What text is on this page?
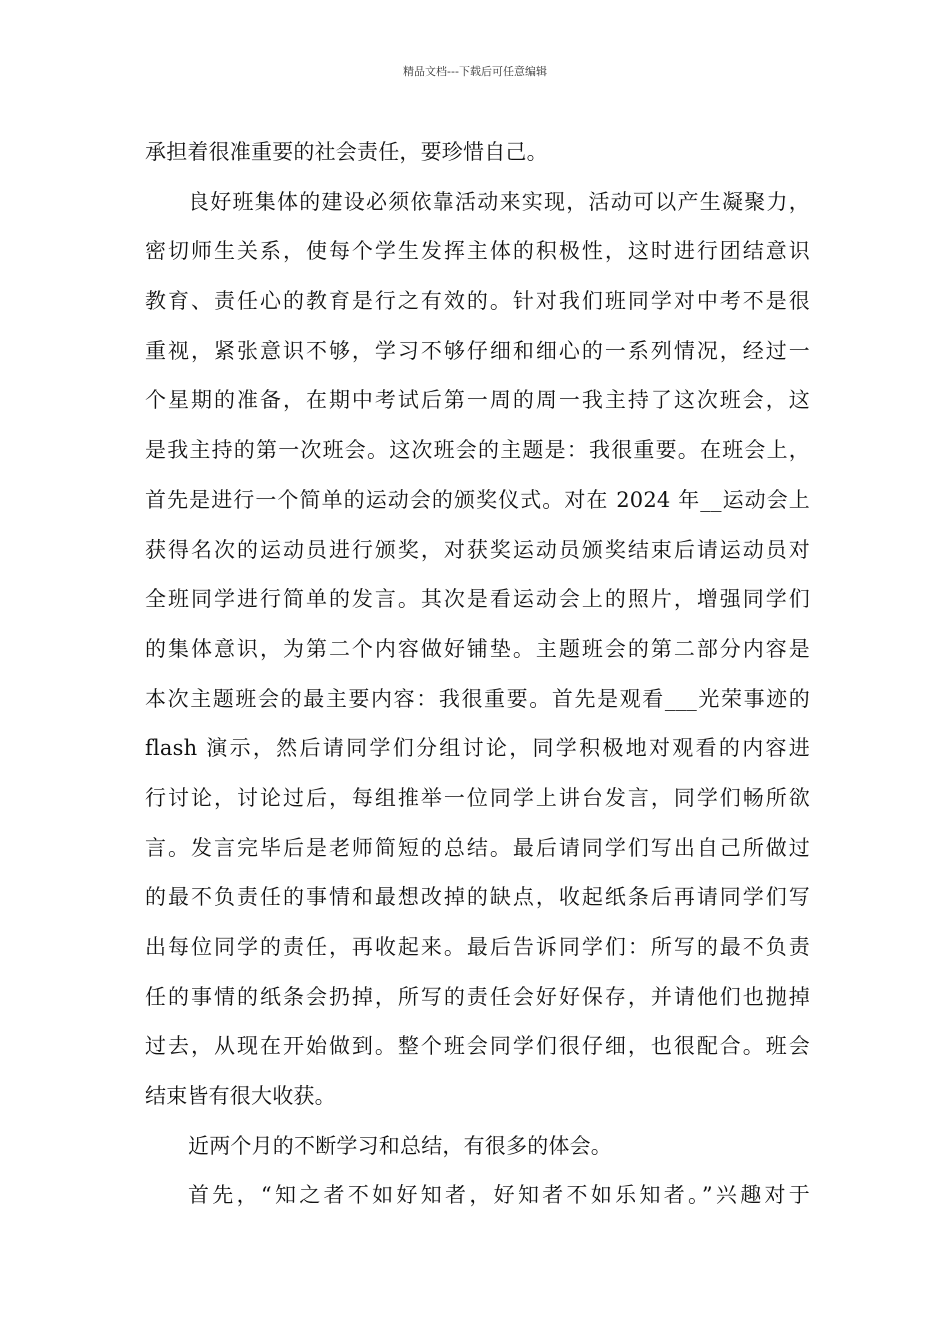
精品文档---下载后可任意编辑
承担着很准重要的社会责任，要珍惜自己。
良好班集体的建设必须依靠活动来实现，活动可以产生凝聚力，
密切师生关系，使每个学生发挥主体的积极性，这时进行团结意识
教育、责任心的教育是行之有效的。针对我们班同学对中考不是很
重视，紧张意识不够，学习不够仔细和细心的一系列情况，经过一
个星期的准备，在期中考试后第一周的周一我主持了这次班会，这
是我主持的第一次班会。这次班会的主题是：我很重要。在班会上，
首先是进行一个简单的运动会的颁奖仪式。对在 2024 年__运动会上
获得名次的运动员进行颁奖，对获奖运动员颁奖结束后请运动员对
全班同学进行简单的发言。其次是看运动会上的照片，增强同学们
的集体意识，为第二个内容做好铺垫。主题班会的第二部分内容是
本次主题班会的最主要内容：我很重要。首先是观看___光荣事迹的
flash 演示，然后请同学们分组讨论，同学积极地对观看的内容进
行讨论，讨论过后，每组推举一位同学上讲台发言，同学们畅所欲
言。发言完毕后是老师简短的总结。最后请同学们写出自己所做过
的最不负责任的事情和最想改掉的缺点，收起纸条后再请同学们写
出每位同学的责任，再收起来。最后告诉同学们：所写的最不负责
任的事情的纸条会扔掉，所写的责任会好好保存，并请他们也抛掉
过去，从现在开始做到。整个班会同学们很仔细，也很配合。班会
结束皆有很大收获。
近两个月的不断学习和总结，有很多的体会。
首先，“知之者不如好知者，好知者不如乐知者。”兴趣对于
